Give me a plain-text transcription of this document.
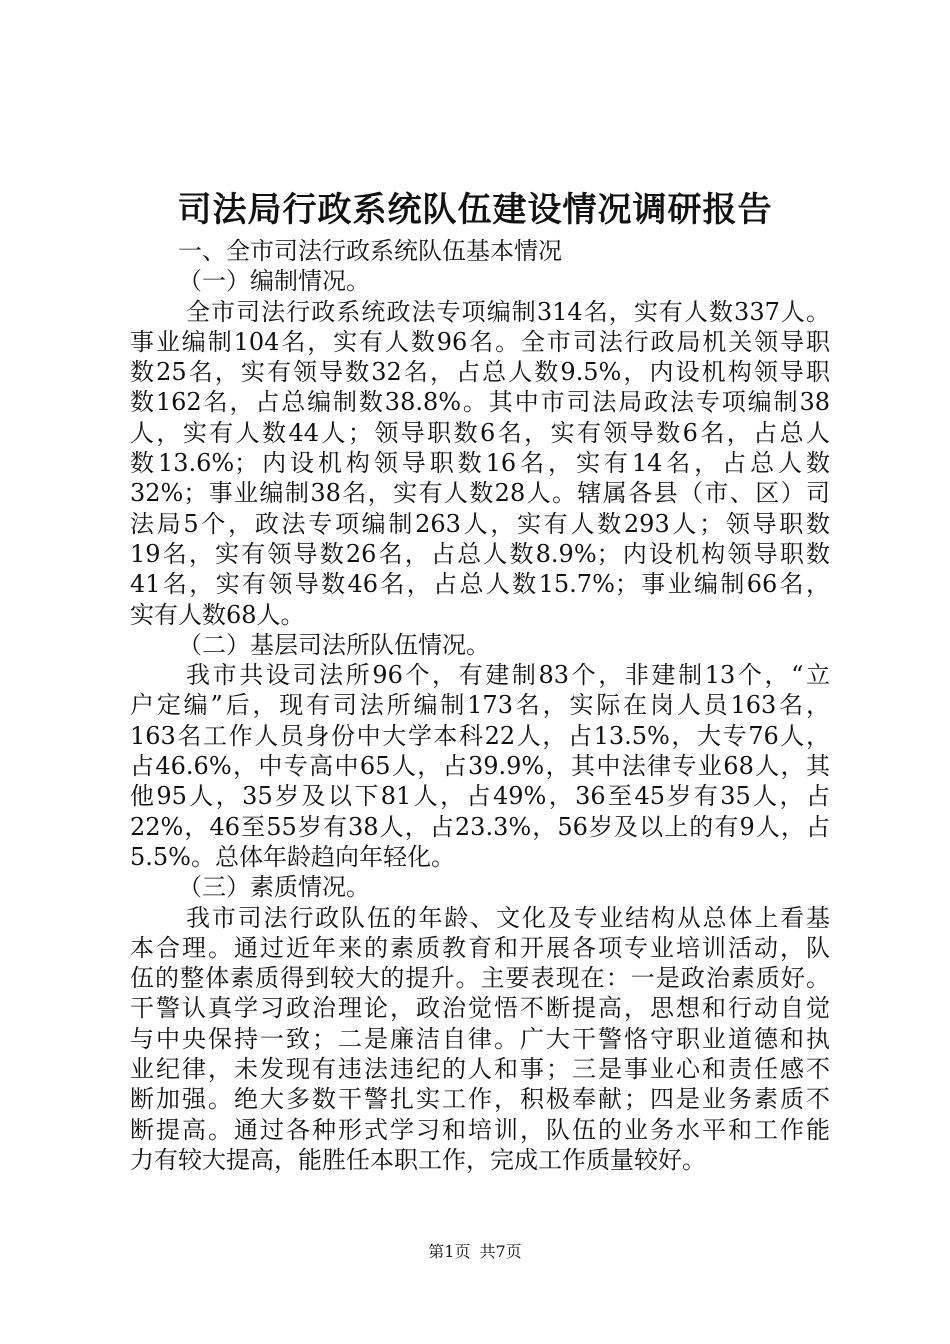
司法局行政系统队伍建设情况调研报告
一、全市司法行政系统队伍基本情况
（一）编制情况。
全市司法行政系统政法专项编制314名，实有人数337人。
事业编制104名，实有人数96名。全市司法行政局机关领导职
数25名，实有领导数32名，占总人数9.5%，内设机构领导职
数162名，占总编制数38.8%。其中市司法局政法专项编制38
人，实有人数44人；领导职数6名，实有领导数6名，占总人
数13.6%；内设机构领导职数16名，实有14名，占总人数
32%；事业编制38名，实有人数28人。辖属各县（市、区）司
法局5个，政法专项编制263人，实有人数293人；领导职数
19名，实有领导数26名，占总人数8.9%；内设机构领导职数
41名，实有领导数46名，占总人数15.7%；事业编制66名，
实有人数68人。
（二）基层司法所队伍情况。
我市共设司法所96个，有建制83个，非建制13个，“立
户定编”后，现有司法所编制173名，实际在岗人员163名，
163名工作人员身份中大学本科22人，占13.5%，大专76人，
占46.6%，中专高中65人，占39.9%，其中法律专业68人，其
他95人，35岁及以下81人，占49%，36至45岁有35人，占
22%，46至55岁有38人，占23.3%，56岁及以上的有9人，占
5.5%。总体年龄趋向年轻化。
（三）素质情况。
我市司法行政队伍的年龄、文化及专业结构从总体上看基
本合理。通过近年来的素质教育和开展各项专业培训活动，队
伍的整体素质得到较大的提升。主要表现在：一是政治素质好。
干警认真学习政治理论，政治觉悟不断提高，思想和行动自觉
与中央保持一致；二是廉洁自律。广大干警恪守职业道德和执
业纪律，未发现有违法违纪的人和事；三是事业心和责任感不
断加强。绝大多数干警扎实工作，积极奉献；四是业务素质不
断提高。通过各种形式学习和培训，队伍的业务水平和工作能
力有较大提高，能胜任本职工作，完成工作质量较好。
第1页 共7页
